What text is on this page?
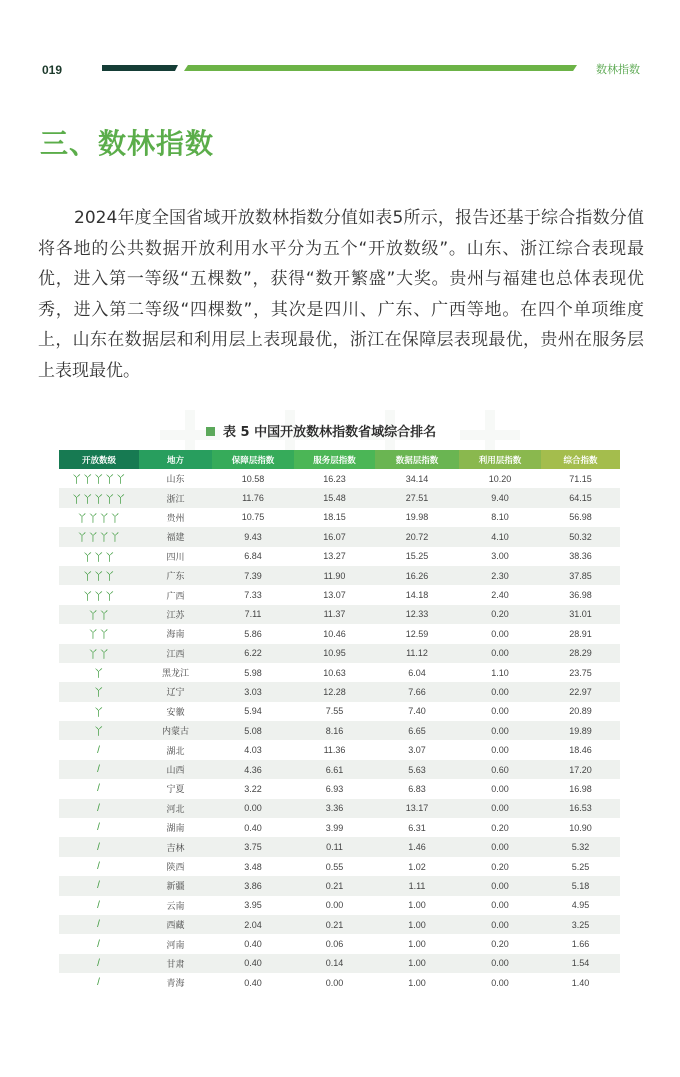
019	数林指数
三、数林指数

2024年度全国省域开放数林指数分值如表5所示，报告还基于综合指数分值将各地的公共数据开放利用水平分为五个“开放数级”。山东、浙江综合表现最优，进入第一等级“五棵数”，获得“数开繁盛”大奖。贵州与福建也总体表现优秀，进入第二等级“四棵数”，其次是四川、广东、广西等地。在四个单项维度上，山东在数据层和利用层上表现最优，浙江在保障层表现最优，贵州在服务层上表现最优。

表 5 中国开放数林指数省域综合排名
开放数级	地方	保障层指数	服务层指数	数据层指数	利用层指数	综合指数
丫丫丫丫丫	山东	10.58	16.23	34.14	10.20	71.15
丫丫丫丫丫	浙江	11.76	15.48	27.51	9.40	64.15
丫丫丫丫	贵州	10.75	18.15	19.98	8.10	56.98
丫丫丫丫	福建	9.43	16.07	20.72	4.10	50.32
丫丫丫	四川	6.84	13.27	15.25	3.00	38.36
丫丫丫	广东	7.39	11.90	16.26	2.30	37.85
丫丫丫	广西	7.33	13.07	14.18	2.40	36.98
丫丫	江苏	7.11	11.37	12.33	0.20	31.01
丫丫	海南	5.86	10.46	12.59	0.00	28.91
丫丫	江西	6.22	10.95	11.12	0.00	28.29
丫	黑龙江	5.98	10.63	6.04	1.10	23.75
丫	辽宁	3.03	12.28	7.66	0.00	22.97
丫	安徽	5.94	7.55	7.40	0.00	20.89
丫	内蒙古	5.08	8.16	6.65	0.00	19.89
/	湖北	4.03	11.36	3.07	0.00	18.46
/	山西	4.36	6.61	5.63	0.60	17.20
/	宁夏	3.22	6.93	6.83	0.00	16.98
/	河北	0.00	3.36	13.17	0.00	16.53
/	湖南	0.40	3.99	6.31	0.20	10.90
/	吉林	3.75	0.11	1.46	0.00	5.32
/	陕西	3.48	0.55	1.02	0.20	5.25
/	新疆	3.86	0.21	1.11	0.00	5.18
/	云南	3.95	0.00	1.00	0.00	4.95
/	西藏	2.04	0.21	1.00	0.00	3.25
/	河南	0.40	0.06	1.00	0.20	1.66
/	甘肃	0.40	0.14	1.00	0.00	1.54
/	青海	0.40	0.00	1.00	0.00	1.40
